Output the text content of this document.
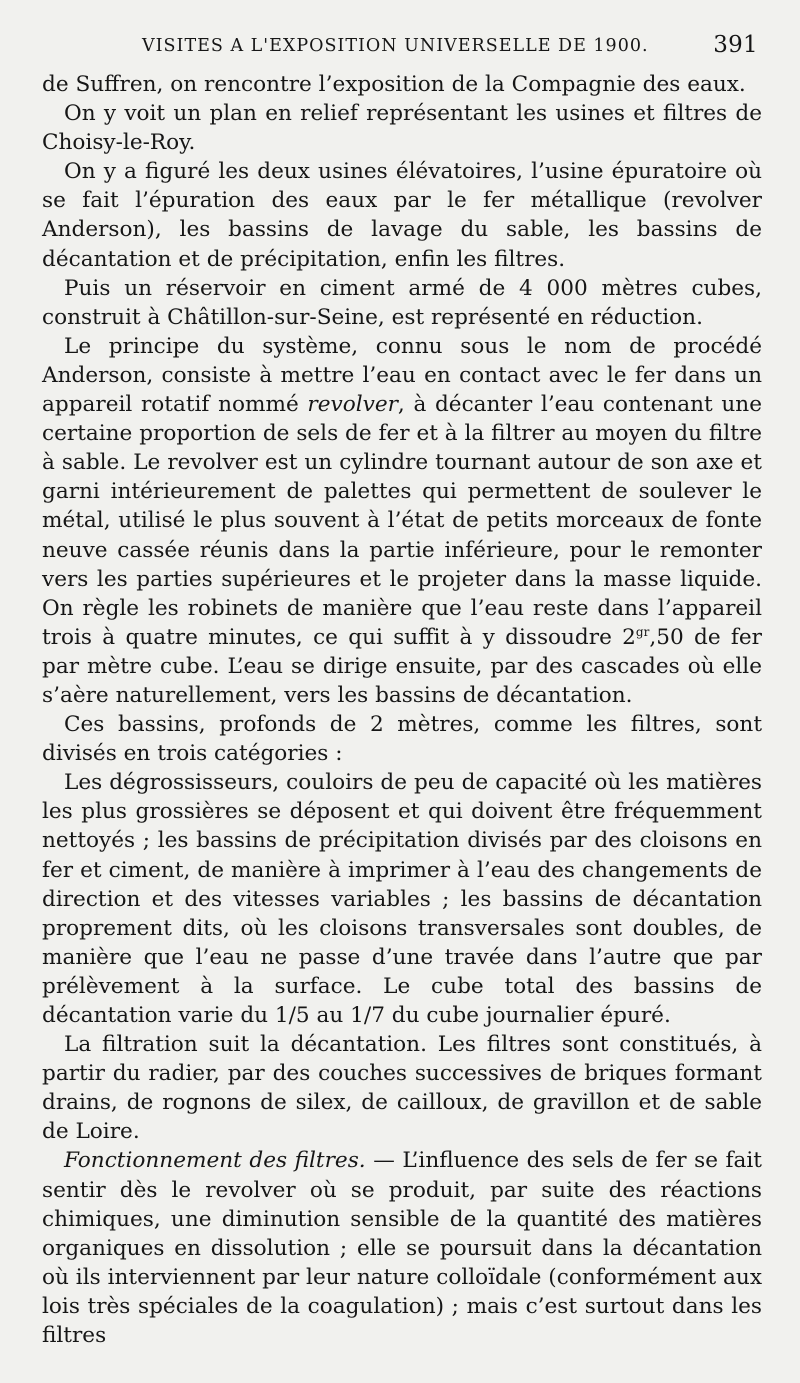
VISITES A L'EXPOSITION UNIVERSELLE DE 1900.	391

de Suffren, on rencontre l’exposition de la Compagnie des eaux.

On y voit un plan en relief représentant les usines et filtres de Choisy-le-Roy.

On y a figuré les deux usines élévatoires, l’usine épuratoire où se fait l’épuration des eaux par le fer métallique (revolver Anderson), les bassins de lavage du sable, les bassins de décantation et de précipitation, enfin les filtres.

Puis un réservoir en ciment armé de 4 000 mètres cubes, construit à Châtillon-sur-Seine, est représenté en réduction.

Le principe du système, connu sous le nom de procédé Anderson, consiste à mettre l’eau en contact avec le fer dans un appareil rotatif nommé revolver, à décanter l’eau contenant une certaine proportion de sels de fer et à la filtrer au moyen du filtre à sable. Le revolver est un cylindre tournant autour de son axe et garni intérieurement de palettes qui permettent de soulever le métal, utilisé le plus souvent à l’état de petits morceaux de fonte neuve cassée réunis dans la partie inférieure, pour le remonter vers les parties supérieures et le projeter dans la masse liquide. On règle les robinets de manière que l’eau reste dans l’appareil trois à quatre minutes, ce qui suffit à y dissoudre $2^{gr},50$ de fer par mètre cube. L’eau se dirige ensuite, par des cascades où elle s’aère naturellement, vers les bassins de décantation.

Ces bassins, profonds de 2 mètres, comme les filtres, sont divisés en trois catégories :

Les dégrossisseurs, couloirs de peu de capacité où les matières les plus grossières se déposent et qui doivent être fréquemment nettoyés ; les bassins de précipitation divisés par des cloisons en fer et ciment, de manière à imprimer à l’eau des changements de direction et des vitesses variables ; les bassins de décantation proprement dits, où les cloisons transversales sont doubles, de manière que l’eau ne passe d’une travée dans l’autre que par prélèvement à la surface. Le cube total des bassins de décantation varie du 1/5 au 1/7 du cube journalier épuré.

La filtration suit la décantation. Les filtres sont constitués, à partir du radier, par des couches successives de briques formant drains, de rognons de silex, de cailloux, de gravillon et de sable de Loire.

Fonctionnement des filtres. — L’influence des sels de fer se fait sentir dès le revolver où se produit, par suite des réactions chimiques, une diminution sensible de la quantité des matières organiques en dissolution ; elle se poursuit dans la décantation où ils interviennent par leur nature colloïdale (conformément aux lois très spéciales de la coagulation) ; mais c’est surtout dans les filtres
